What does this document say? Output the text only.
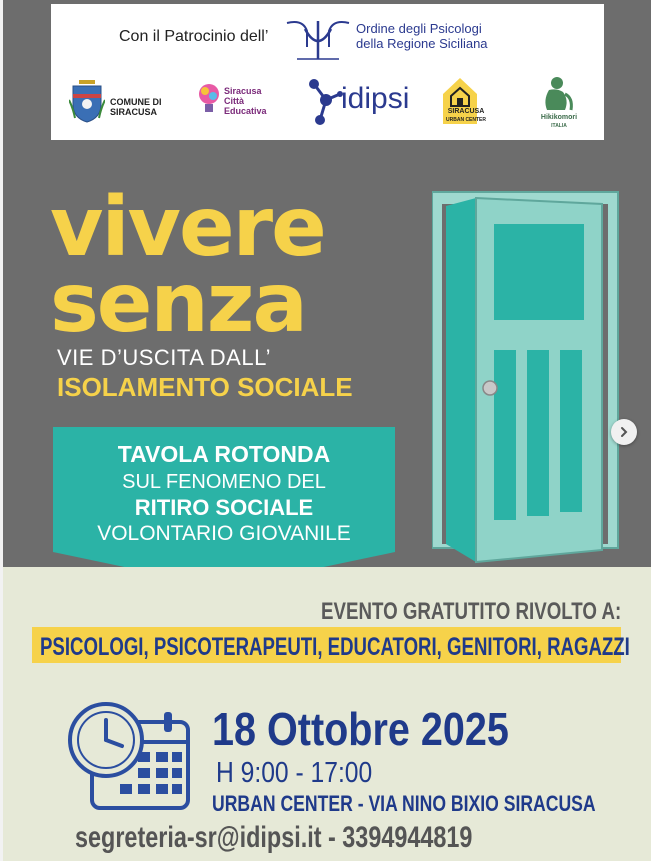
Con il Patrocinio dell’	Ordine degli Psicologi
della Regione Siciliana
COMUNE DI
SIRACUSA
Siracusa
Città
Educativa idipsi	SIRACUSA
URBAN CENTER	Hikikomori
ITALIA
vivere
senza
VIE D’USCITA DALL’
ISOLAMENTO SOCIALE
TAVOLA ROTONDA
SUL FENOMENO DEL
RITIRO SOCIALE
VOLONTARIO GIOVANILE
EVENTO GRATUTITO RIVOLTO A:
PSICOLOGI, PSICOTERAPEUTI, EDUCATORI, GENITORI, RAGAZZI
18 Ottobre 2025
H 9:00 - 17:00
URBAN CENTER - VIA NINO BIXIO SIRACUSA
segreteria-sr@idipsi.it - 3394944819
